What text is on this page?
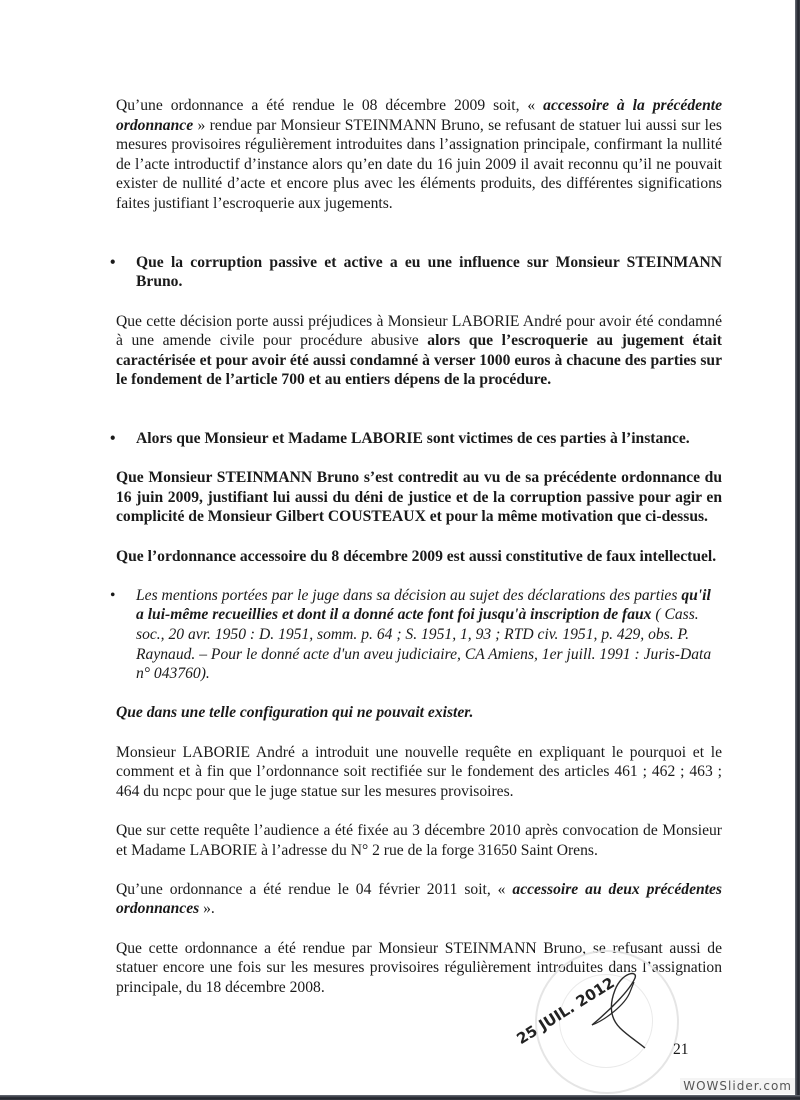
Qu’une ordonnance a été rendue le 08 décembre 2009 soit, « accessoire à la précédente ordonnance » rendue par Monsieur STEINMANN Bruno, se refusant de statuer lui aussi sur les mesures provisoires régulièrement introduites dans l’assignation principale, confirmant la nullité de l’acte introductif d’instance alors qu’en date du 16 juin 2009 il avait reconnu qu’il ne pouvait exister de nullité d’acte et encore plus avec les éléments produits, des différentes significations faites justifiant l’escroquerie aux jugements.

•	Que la corruption passive et active a eu une influence sur Monsieur STEINMANN Bruno.

Que cette décision porte aussi préjudices à Monsieur LABORIE André pour avoir été condamné à une amende civile pour procédure abusive alors que l’escroquerie au jugement était caractérisée et pour avoir été aussi condamné à verser 1000 euros à chacune des parties sur le fondement de l’article 700 et au entiers dépens de la procédure.

•	Alors que Monsieur et Madame LABORIE sont victimes de ces parties à l’instance.

Que Monsieur STEINMANN Bruno s’est contredit au vu de sa précédente ordonnance du 16 juin 2009, justifiant lui aussi du déni de justice et de la corruption passive pour agir en complicité de Monsieur Gilbert COUSTEAUX et pour la même motivation que ci-dessus.

Que l’ordonnance accessoire du 8 décembre 2009 est aussi constitutive de faux intellectuel.

•	Les mentions portées par le juge dans sa décision au sujet des déclarations des parties qu'il a lui-même recueillies et dont il a donné acte font foi jusqu'à inscription de faux ( Cass. soc., 20 avr. 1950 : D. 1951, somm. p. 64 ; S. 1951, 1, 93 ; RTD civ. 1951, p. 429, obs. P. Raynaud. – Pour le donné acte d'un aveu judiciaire, CA Amiens, 1er juill. 1991 : Juris-Data n° 043760).

Que dans une telle configuration qui ne pouvait exister.

Monsieur LABORIE André a introduit une nouvelle requête en expliquant le pourquoi et le comment et à fin que l’ordonnance soit rectifiée sur le fondement des articles 461 ; 462 ; 463 ; 464 du ncpc pour que le juge statue sur les mesures provisoires.

Que sur cette requête l’audience a été fixée au 3 décembre 2010 après convocation de Monsieur et Madame LABORIE à l’adresse du N° 2 rue de la forge 31650 Saint Orens.

Qu’une ordonnance a été rendue le 04 février 2011 soit, « accessoire au deux précédentes ordonnances ».

Que cette ordonnance a été rendue par Monsieur STEINMANN Bruno, se refusant aussi de statuer encore une fois sur les mesures provisoires régulièrement introduites dans l’assignation principale, du 18 décembre 2008.	25 JUIL. 2012
21
WOWSlider.com
